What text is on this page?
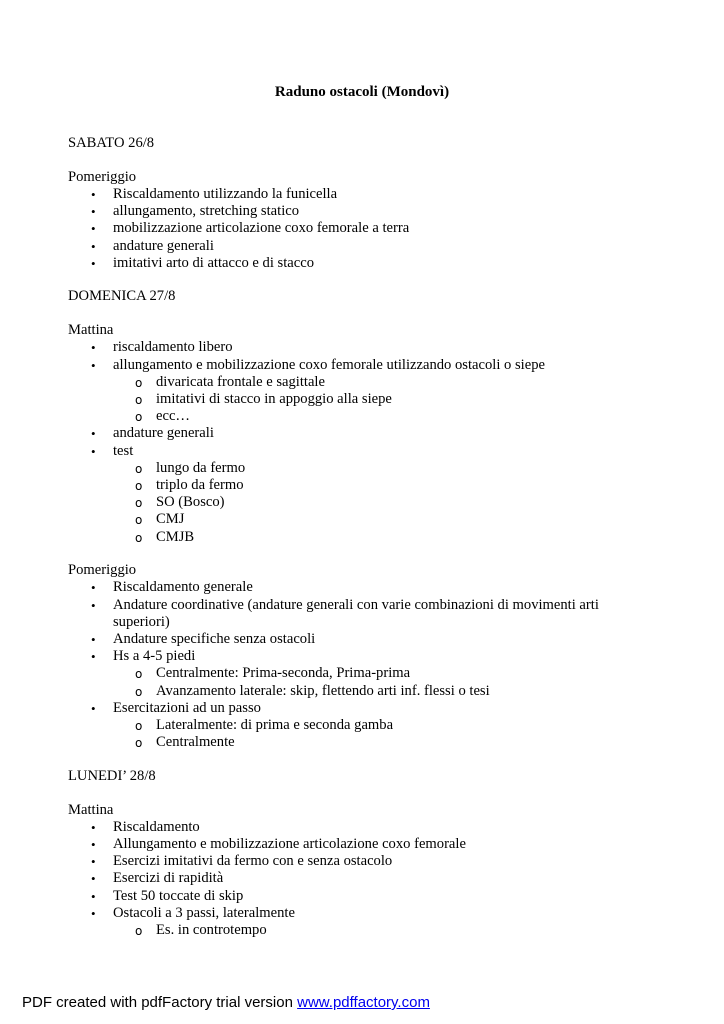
Raduno ostacoli (Mondovì)
SABATO 26/8
Pomeriggio
• Riscaldamento utilizzando la funicella
• allungamento, stretching statico
• mobilizzazione articolazione coxo femorale a terra
• andature generali
• imitativi arto di attacco e di stacco
DOMENICA 27/8
Mattina
• riscaldamento libero
• allungamento e mobilizzazione coxo femorale utilizzando ostacoli o siepe
o divaricata frontale e sagittale
o imitativi di stacco in appoggio alla siepe
o ecc…
• andature generali
• test
o lungo da fermo
o triplo da fermo
o SO (Bosco)
o CMJ
o CMJB
Pomeriggio
• Riscaldamento generale
• Andature coordinative (andature generali con varie combinazioni di movimenti arti
superiori)
• Andature specifiche senza ostacoli
• Hs a 4-5 piedi
o Centralmente: Prima-seconda, Prima-prima
o Avanzamento laterale: skip, flettendo arti inf. flessi o tesi
• Esercitazioni ad un passo
o Lateralmente: di prima e seconda gamba
o Centralmente
LUNEDI’ 28/8
Mattina
• Riscaldamento
• Allungamento e mobilizzazione articolazione coxo femorale
• Esercizi imitativi da fermo con e senza ostacolo
• Esercizi di rapidità
• Test 50 toccate di skip
• Ostacoli a 3 passi, lateralmente
o Es. in controtempo
PDF created with pdfFactory trial version www.pdffactory.com
